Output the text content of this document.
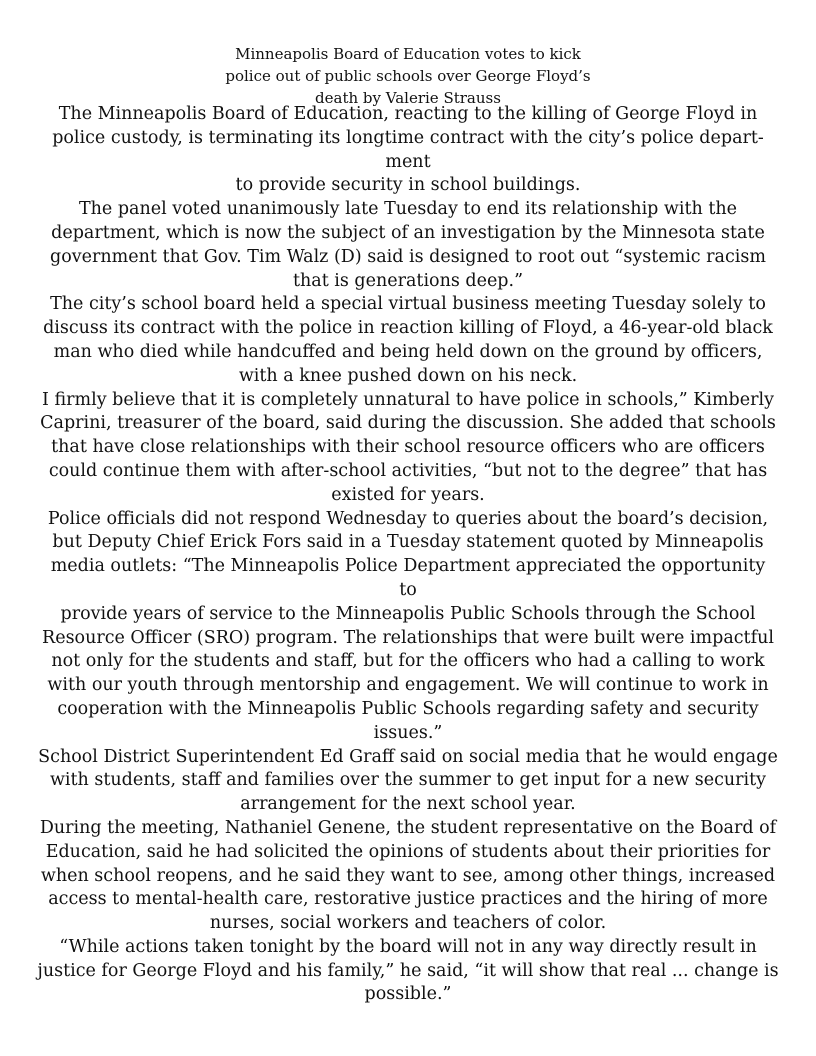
Minneapolis Board of Education votes to kick
police out of public schools over George Floyd’s
death by Valerie Strauss
The Minneapolis Board of Education, reacting to the killing of George Floyd in
police custody, is terminating its longtime contract with the city’s police depart-
ment
to provide security in school buildings.
The panel voted unanimously late Tuesday to end its relationship with the
department, which is now the subject of an investigation by the Minnesota state
government that Gov. Tim Walz (D) said is designed to root out “systemic racism
that is generations deep.”
The city’s school board held a special virtual business meeting Tuesday solely to
discuss its contract with the police in reaction killing of Floyd, a 46-year-old black
man who died while handcuffed and being held down on the ground by officers,
with a knee pushed down on his neck.
I firmly believe that it is completely unnatural to have police in schools,” Kimberly
Caprini, treasurer of the board, said during the discussion. She added that schools
that have close relationships with their school resource officers who are officers
could continue them with after-school activities, “but not to the degree” that has
existed for years.
Police officials did not respond Wednesday to queries about the board’s decision,
but Deputy Chief Erick Fors said in a Tuesday statement quoted by Minneapolis
media outlets: “The Minneapolis Police Department appreciated the opportunity
to
provide years of service to the Minneapolis Public Schools through the School
Resource Officer (SRO) program. The relationships that were built were impactful
not only for the students and staff, but for the officers who had a calling to work
with our youth through mentorship and engagement. We will continue to work in
cooperation with the Minneapolis Public Schools regarding safety and security
issues.”
School District Superintendent Ed Graff said on social media that he would engage
with students, staff and families over the summer to get input for a new security
arrangement for the next school year.
During the meeting, Nathaniel Genene, the student representative on the Board of
Education, said he had solicited the opinions of students about their priorities for
when school reopens, and he said they want to see, among other things, increased
access to mental-health care, restorative justice practices and the hiring of more
nurses, social workers and teachers of color.
“While actions taken tonight by the board will not in any way directly result in
justice for George Floyd and his family,” he said, “it will show that real ... change is
possible.”
